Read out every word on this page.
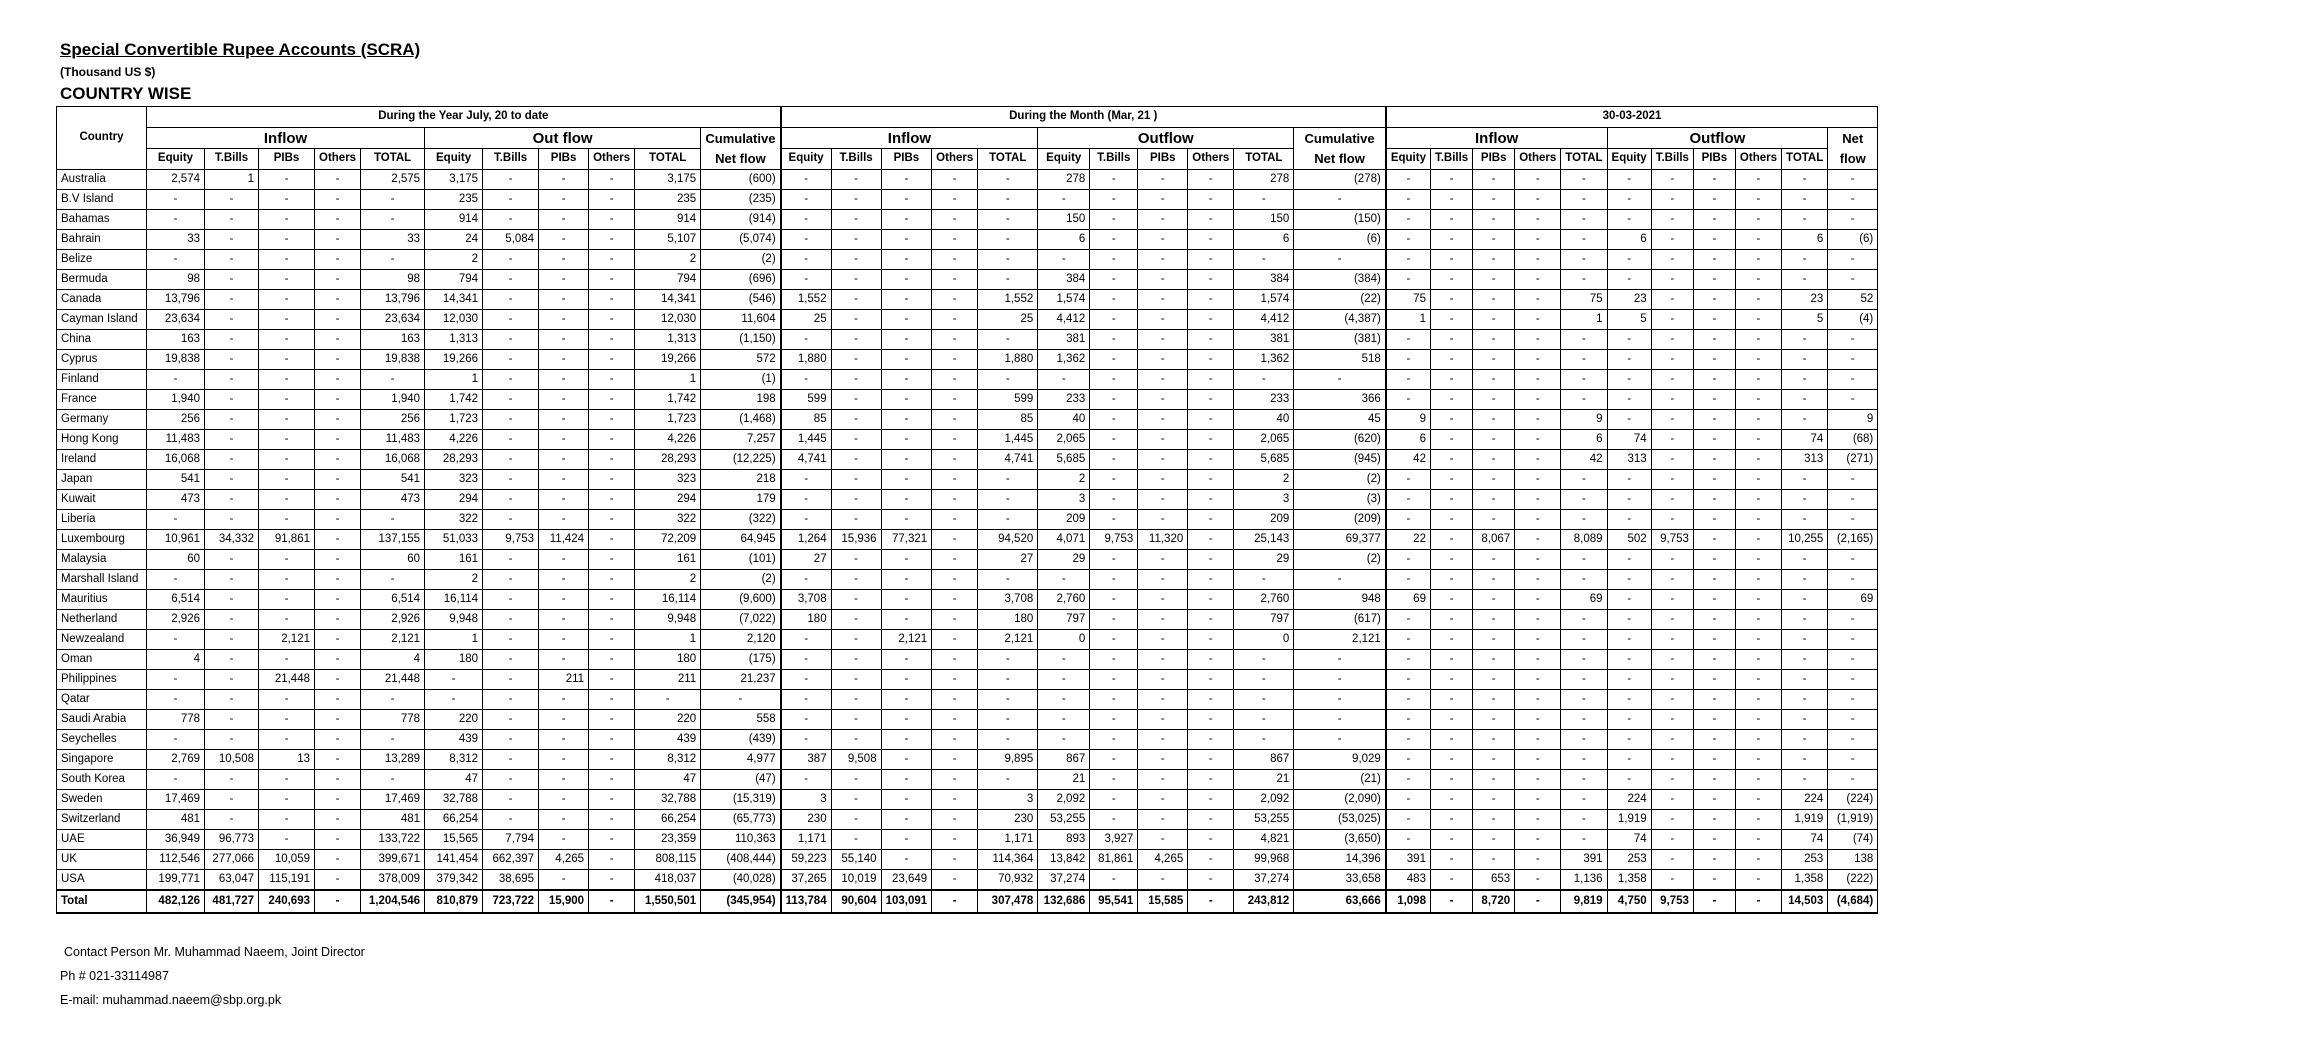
Special Convertible Rupee Accounts (SCRA)
(Thousand US $)
COUNTRY WISE
Country	During the Year July, 20 to date											During the Month (Mar, 21 )											30-03-2021										
	Inflow					Out flow					Cumulative	Inflow					Outflow					Cumulative	Inflow					Outflow					Net
	Equity	T.Bills	PIBs	Others	TOTAL	Equity	T.Bills	PIBs	Others	TOTAL	Net flow	Equity	T.Bills	PIBs	Others	TOTAL	Equity	T.Bills	PIBs	Others	TOTAL	Net flow	Equity	T.Bills	PIBs	Others	TOTAL	Equity	T.Bills	PIBs	Others	TOTAL	flow
Australia	2,574	1	-	-	2,575	3,175	-	-	-	3,175	(600)	-	-	-	-	-	278	-	-	-	278	(278)	-	-	-	-	-	-	-	-	-	-	-
B.V Island	-	-	-	-	-	235	-	-	-	235	(235)	-	-	-	-	-	-	-	-	-	-	-	-	-	-	-	-	-	-	-	-	-	-
Bahamas	-	-	-	-	-	914	-	-	-	914	(914)	-	-	-	-	-	150	-	-	-	150	(150)	-	-	-	-	-	-	-	-	-	-	-
Bahrain	33	-	-	-	33	24	5,084	-	-	5,107	(5,074)	-	-	-	-	-	6	-	-	-	6	(6)	-	-	-	-	-	6	-	-	-	6	(6)
Belize	-	-	-	-	-	2	-	-	-	2	(2)	-	-	-	-	-	-	-	-	-	-	-	-	-	-	-	-	-	-	-	-	-	-
Bermuda	98	-	-	-	98	794	-	-	-	794	(696)	-	-	-	-	-	384	-	-	-	384	(384)	-	-	-	-	-	-	-	-	-	-	-
Canada	13,796	-	-	-	13,796	14,341	-	-	-	14,341	(546)	1,552	-	-	-	1,552	1,574	-	-	-	1,574	(22)	75	-	-	-	75	23	-	-	-	23	52
Cayman Island	23,634	-	-	-	23,634	12,030	-	-	-	12,030	11,604	25	-	-	-	25	4,412	-	-	-	4,412	(4,387)	1	-	-	-	1	5	-	-	-	5	(4)
China	163	-	-	-	163	1,313	-	-	-	1,313	(1,150)	-	-	-	-	-	381	-	-	-	381	(381)	-	-	-	-	-	-	-	-	-	-	-
Cyprus	19,838	-	-	-	19,838	19,266	-	-	-	19,266	572	1,880	-	-	-	1,880	1,362	-	-	-	1,362	518	-	-	-	-	-	-	-	-	-	-	-
Finland	-	-	-	-	-	1	-	-	-	1	(1)	-	-	-	-	-	-	-	-	-	-	-	-	-	-	-	-	-	-	-	-	-	-
France	1,940	-	-	-	1,940	1,742	-	-	-	1,742	198	599	-	-	-	599	233	-	-	-	233	366	-	-	-	-	-	-	-	-	-	-	-
Germany	256	-	-	-	256	1,723	-	-	-	1,723	(1,468)	85	-	-	-	85	40	-	-	-	40	45	9	-	-	-	9	-	-	-	-	-	9
Hong Kong	11,483	-	-	-	11,483	4,226	-	-	-	4,226	7,257	1,445	-	-	-	1,445	2,065	-	-	-	2,065	(620)	6	-	-	-	6	74	-	-	-	74	(68)
Ireland	16,068	-	-	-	16,068	28,293	-	-	-	28,293	(12,225)	4,741	-	-	-	4,741	5,685	-	-	-	5,685	(945)	42	-	-	-	42	313	-	-	-	313	(271)
Japan	541	-	-	-	541	323	-	-	-	323	218	-	-	-	-	-	2	-	-	-	2	(2)	-	-	-	-	-	-	-	-	-	-	-
Kuwait	473	-	-	-	473	294	-	-	-	294	179	-	-	-	-	-	3	-	-	-	3	(3)	-	-	-	-	-	-	-	-	-	-	-
Liberia	-	-	-	-	-	322	-	-	-	322	(322)	-	-	-	-	-	209	-	-	-	209	(209)	-	-	-	-	-	-	-	-	-	-	-
Luxembourg	10,961	34,332	91,861	-	137,155	51,033	9,753	11,424	-	72,209	64,945	1,264	15,936	77,321	-	94,520	4,071	9,753	11,320	-	25,143	69,377	22	-	8,067	-	8,089	502	9,753	-	-	10,255	(2,165)
Malaysia	60	-	-	-	60	161	-	-	-	161	(101)	27	-	-	-	27	29	-	-	-	29	(2)	-	-	-	-	-	-	-	-	-	-	-
Marshall Island	-	-	-	-	-	2	-	-	-	2	(2)	-	-	-	-	-	-	-	-	-	-	-	-	-	-	-	-	-	-	-	-	-	-
Mauritius	6,514	-	-	-	6,514	16,114	-	-	-	16,114	(9,600)	3,708	-	-	-	3,708	2,760	-	-	-	2,760	948	69	-	-	-	69	-	-	-	-	-	69
Netherland	2,926	-	-	-	2,926	9,948	-	-	-	9,948	(7,022)	180	-	-	-	180	797	-	-	-	797	(617)	-	-	-	-	-	-	-	-	-	-	-
Newzealand	-	-	2,121	-	2,121	1	-	-	-	1	2,120	-	-	2,121	-	2,121	0	-	-	-	0	2,121	-	-	-	-	-	-	-	-	-	-	-
Oman	4	-	-	-	4	180	-	-	-	180	(175)	-	-	-	-	-	-	-	-	-	-	-	-	-	-	-	-	-	-	-	-	-	-
Philippines	-	-	21,448	-	21,448	-	-	211	-	211	21,237	-	-	-	-	-	-	-	-	-	-	-	-	-	-	-	-	-	-	-	-	-	-
Qatar	-	-	-	-	-	-	-	-	-	-	-	-	-	-	-	-	-	-	-	-	-	-	-	-	-	-	-	-	-	-	-	-	-
Saudi Arabia	778	-	-	-	778	220	-	-	-	220	558	-	-	-	-	-	-	-	-	-	-	-	-	-	-	-	-	-	-	-	-	-	-
Seychelles	-	-	-	-	-	439	-	-	-	439	(439)	-	-	-	-	-	-	-	-	-	-	-	-	-	-	-	-	-	-	-	-	-	-
Singapore	2,769	10,508	13	-	13,289	8,312	-	-	-	8,312	4,977	387	9,508	-	-	9,895	867	-	-	-	867	9,029	-	-	-	-	-	-	-	-	-	-	-
South Korea	-	-	-	-	-	47	-	-	-	47	(47)	-	-	-	-	-	21	-	-	-	21	(21)	-	-	-	-	-	-	-	-	-	-	-
Sweden	17,469	-	-	-	17,469	32,788	-	-	-	32,788	(15,319)	3	-	-	-	3	2,092	-	-	-	2,092	(2,090)	-	-	-	-	-	224	-	-	-	224	(224)
Switzerland	481	-	-	-	481	66,254	-	-	-	66,254	(65,773)	230	-	-	-	230	53,255	-	-	-	53,255	(53,025)	-	-	-	-	-	1,919	-	-	-	1,919	(1,919)
UAE	36,949	96,773	-	-	133,722	15,565	7,794	-	-	23,359	110,363	1,171	-	-	-	1,171	893	3,927	-	-	4,821	(3,650)	-	-	-	-	-	74	-	-	-	74	(74)
UK	112,546	277,066	10,059	-	399,671	141,454	662,397	4,265	-	808,115	(408,444)	59,223	55,140	-	-	114,364	13,842	81,861	4,265	-	99,968	14,396	391	-	-	-	391	253	-	-	-	253	138
USA	199,771	63,047	115,191	-	378,009	379,342	38,695	-	-	418,037	(40,028)	37,265	10,019	23,649	-	70,932	37,274	-	-	-	37,274	33,658	483	-	653	-	1,136	1,358	-	-	-	1,358	(222)
Total	482,126	481,727	240,693	-	1,204,546	810,879	723,722	15,900	-	1,550,501	(345,954)	113,784	90,604	103,091	-	307,478	132,686	95,541	15,585	-	243,812	63,666	1,098	-	8,720	-	9,819	4,750	9,753	-	-	14,503	(4,684)
Contact Person Mr. Muhammad Naeem, Joint Director
Ph # 021-33114987
E-mail: muhammad.naeem@sbp.org.pk
